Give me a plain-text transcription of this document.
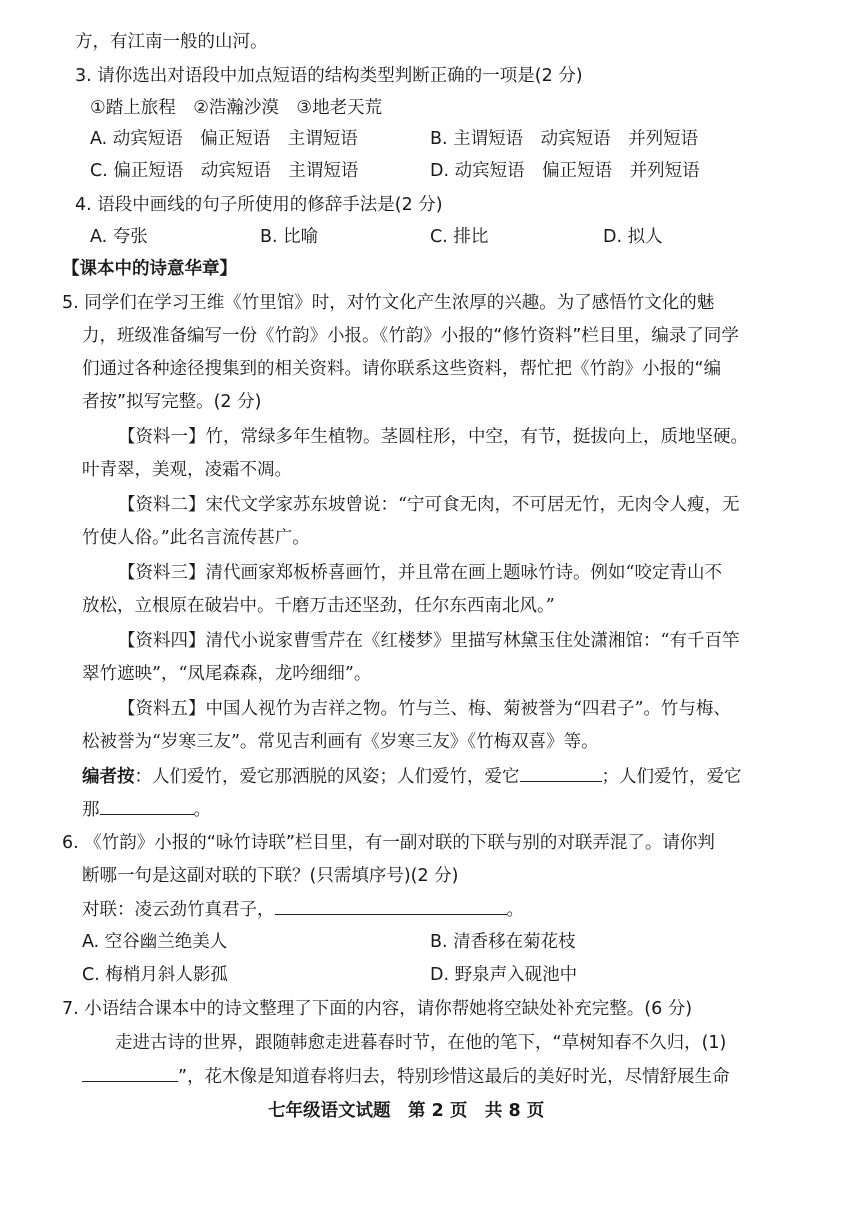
方，有江南一般的山河。
3. 请你选出对语段中加点短语的结构类型判断正确的一项是(2 分)
①踏上旅程　②浩瀚沙漠　③地老天荒
A. 动宾短语　偏正短语　主谓短语	B. 主谓短语　动宾短语　并列短语
C. 偏正短语　动宾短语　主谓短语	D. 动宾短语　偏正短语　并列短语
4. 语段中画线的句子所使用的修辞手法是(2 分)
A. 夸张	B. 比喻	C. 排比	D. 拟人
【课本中的诗意华章】
5. 同学们在学习王维《竹里馆》时，对竹文化产生浓厚的兴趣。为了感悟竹文化的魅
力，班级准备编写一份《竹韵》小报。《竹韵》小报的“修竹资料”栏目里，编录了同学
们通过各种途径搜集到的相关资料。请你联系这些资料，帮忙把《竹韵》小报的“编
者按”拟写完整。(2 分)
【资料一】竹，常绿多年生植物。茎圆柱形，中空，有节，挺拔向上，质地坚硬。
叶青翠，美观，凌霜不凋。
【资料二】宋代文学家苏东坡曾说：“宁可食无肉，不可居无竹，无肉令人瘦，无
竹使人俗。”此名言流传甚广。
【资料三】清代画家郑板桥喜画竹，并且常在画上题咏竹诗。例如“咬定青山不
放松，立根原在破岩中。千磨万击还坚劲，任尔东西南北风。”
【资料四】清代小说家曹雪芹在《红楼梦》里描写林黛玉住处潇湘馆：“有千百竿
翠竹遮映”，“凤尾森森，龙吟细细”。
【资料五】中国人视竹为吉祥之物。竹与兰、梅、菊被誉为“四君子”。竹与梅、
松被誉为“岁寒三友”。常见吉利画有《岁寒三友》《竹梅双喜》等。
编者按：人们爱竹，爱它那洒脱的风姿；人们爱竹，爱它	；人们爱竹，爱它
那	。
6. 《竹韵》小报的“咏竹诗联”栏目里，有一副对联的下联与别的对联弄混了。请你判
断哪一句是这副对联的下联？(只需填序号)(2 分)
对联：凌云劲竹真君子，	。
A. 空谷幽兰绝美人	B. 清香移在菊花枝
C. 梅梢月斜人影孤	D. 野泉声入砚池中
7. 小语结合课本中的诗文整理了下面的内容，请你帮她将空缺处补充完整。(6 分)
走进古诗的世界，跟随韩愈走进暮春时节，在他的笔下，“草树知春不久归，(1)
”，花木像是知道春将归去，特别珍惜这最后的美好时光，尽情舒展生命
七年级语文试题　第 2 页　共 8 页
